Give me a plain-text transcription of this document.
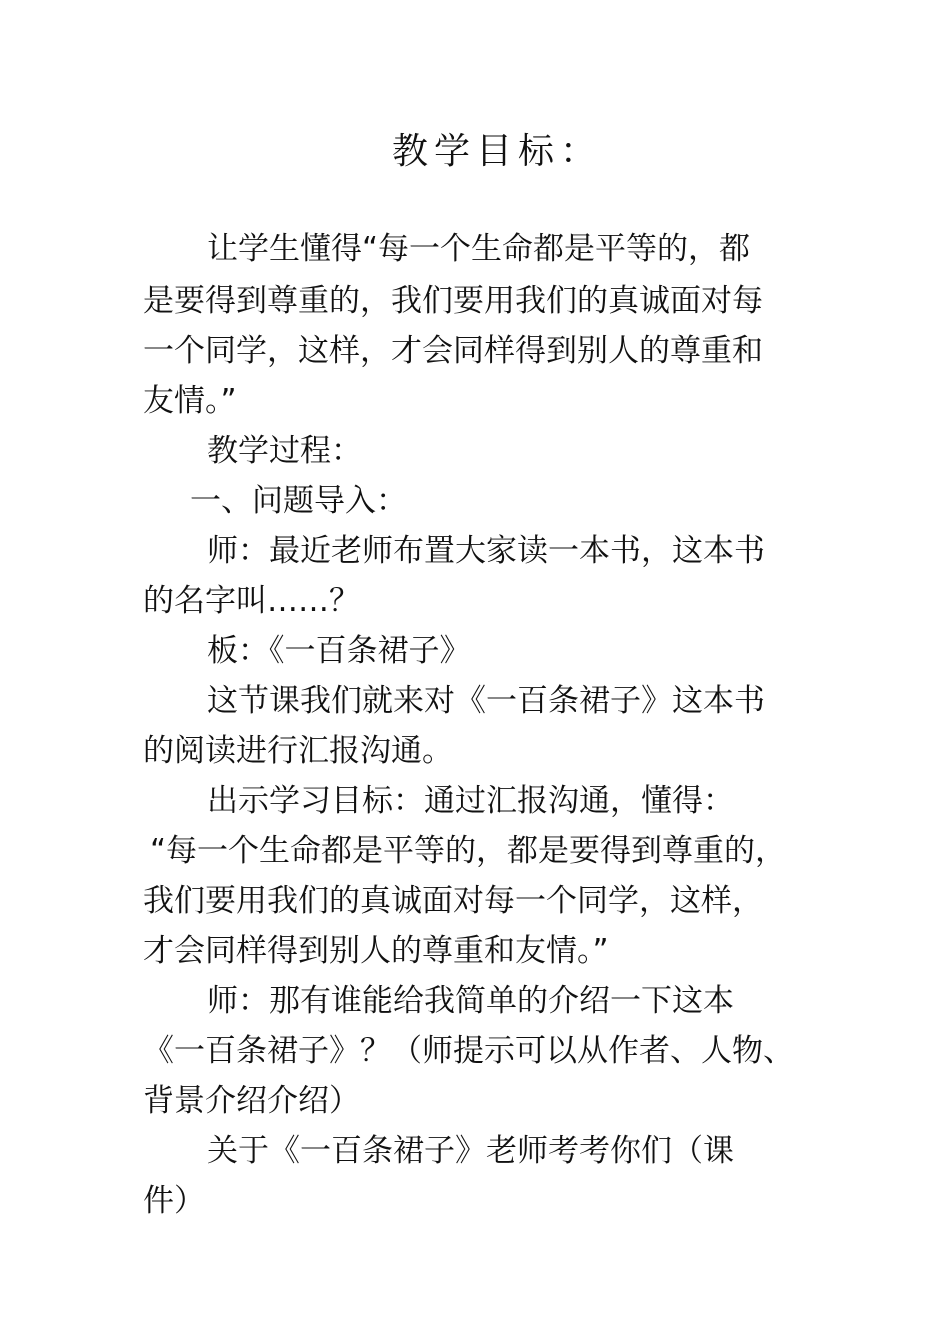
教学目标：
让学生懂得“每一个生命都是平等的，都
是要得到尊重的，我们要用我们的真诚面对每
一个同学，这样，才会同样得到别人的尊重和
友情。”
教学过程：
一、问题导入：
师：最近老师布置大家读一本书，这本书
的名字叫……？
板：《一百条裙子》
这节课我们就来对《一百条裙子》这本书
的阅读进行汇报沟通。
出示学习目标：通过汇报沟通，懂得：
“每一个生命都是平等的，都是要得到尊重的，
我们要用我们的真诚面对每一个同学，这样，
才会同样得到别人的尊重和友情。”
师：那有谁能给我简单的介绍一下这本
《一百条裙子》？（师提示可以从作者、人物、
背景介绍介绍）
关于《一百条裙子》老师考考你们（课
件）
